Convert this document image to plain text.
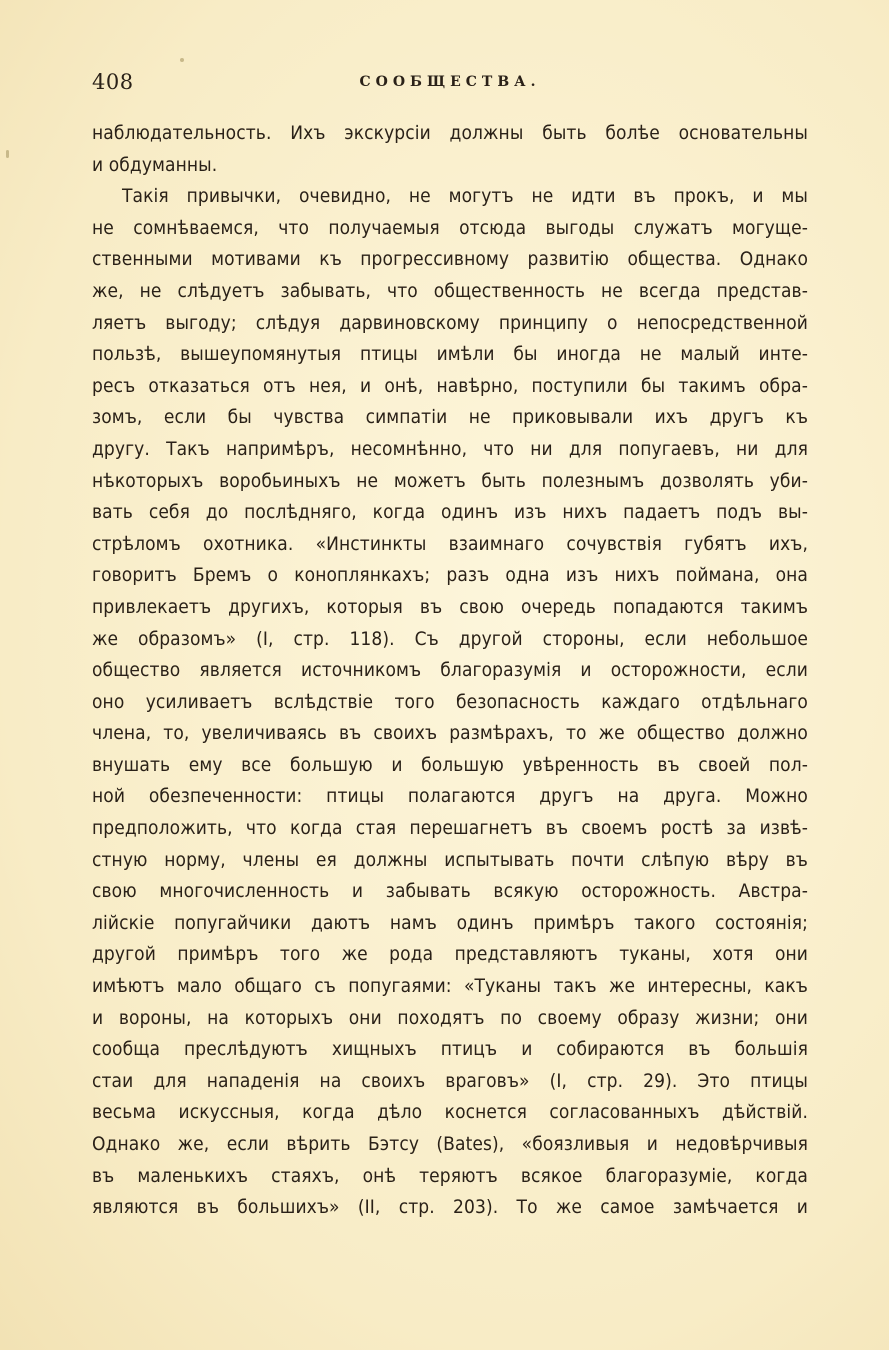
408	СООБЩЕСТВА.
наблюдательность. Ихъ экскурсіи должны быть болѣе основательны
и обдуманны.
Такія привычки, очевидно, не могутъ не идти въ прокъ, и мы
не сомнѣваемся, что получаемыя отсюда выгоды служатъ могуще-
ственными мотивами къ прогрессивному развитію общества. Однако
же, не слѣдуетъ забывать, что общественность не всегда представ-
ляетъ выгоду; слѣдуя дарвиновскому принципу о непосредственной
пользѣ, вышеупомянутыя птицы имѣли бы иногда не малый инте-
ресъ отказаться отъ нея, и онѣ, навѣрно, поступили бы такимъ обра-
зомъ, если бы чувства симпатіи не приковывали ихъ другъ къ
другу. Такъ напримѣръ, несомнѣнно, что ни для попугаевъ, ни для
нѣкоторыхъ воробьиныхъ не можетъ быть полезнымъ дозволять уби-
вать себя до послѣдняго, когда одинъ изъ нихъ падаетъ подъ вы-
стрѣломъ охотника. «Инстинкты взаимнаго сочувствія губятъ ихъ,
говоритъ Бремъ о коноплянкахъ; разъ одна изъ нихъ поймана, она
привлекаетъ другихъ, которыя въ свою очередь попадаются такимъ
же образомъ» (I, стр. 118). Съ другой стороны, если небольшое
общество является источникомъ благоразумія и осторожности, если
оно усиливаетъ вслѣдствіе того безопасность каждаго отдѣльнаго
члена, то, увеличиваясь въ своихъ размѣрахъ, то же общество должно
внушать ему все большую и большую увѣренность въ своей пол-
ной обезпеченности: птицы полагаются другъ на друга. Можно
предположить, что когда стая перешагнетъ въ своемъ ростѣ за извѣ-
стную норму, члены ея должны испытывать почти слѣпую вѣру въ
свою многочисленность и забывать всякую осторожность. Австра-
лійскіе попугайчики даютъ намъ одинъ примѣръ такого состоянія;
другой примѣръ того же рода представляютъ туканы, хотя они
имѣютъ мало общаго съ попугаями: «Туканы такъ же интересны, какъ
и вороны, на которыхъ они походятъ по своему образу жизни; они
сообща преслѣдуютъ хищныхъ птицъ и собираются въ большія
стаи для нападенія на своихъ враговъ» (I, стр. 29). Это птицы
весьма искуссныя, когда дѣло коснется согласованныхъ дѣйствій.
Однако же, если вѣрить Бэтсу (Bates), «боязливыя и недовѣрчивыя
въ маленькихъ стаяхъ, онѣ теряютъ всякое благоразуміе, когда
являются въ большихъ» (II, стр. 203). То же самое замѣчается и
